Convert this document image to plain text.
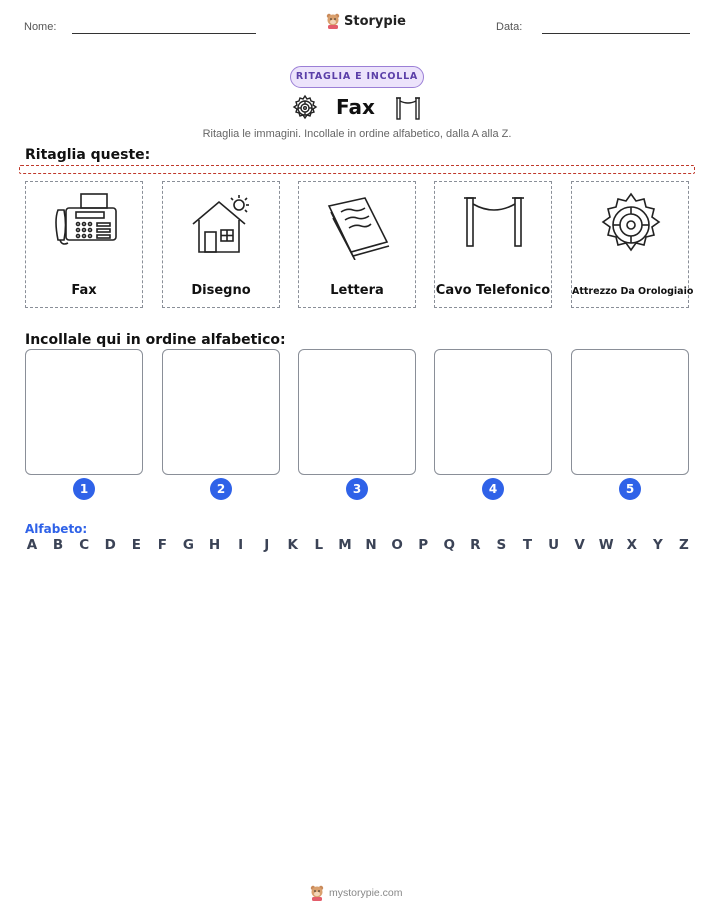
Nome:	Storypie	Data:
RITAGLIA E INCOLLA
Fax
Ritaglia le immagini. Incollale in ordine alfabetico, dalla A alla Z.
Ritaglia queste:
Fax	Disegno	Lettera	Cavo Telefonico Attrezzo Da Orologiaio
Incollale qui in ordine alfabetico:
1	2	3	4	5
Alfabeto:
A B C D E F G H	I	J	K L M N O P Q R S T U V W X Y Z
mystorypie.com
